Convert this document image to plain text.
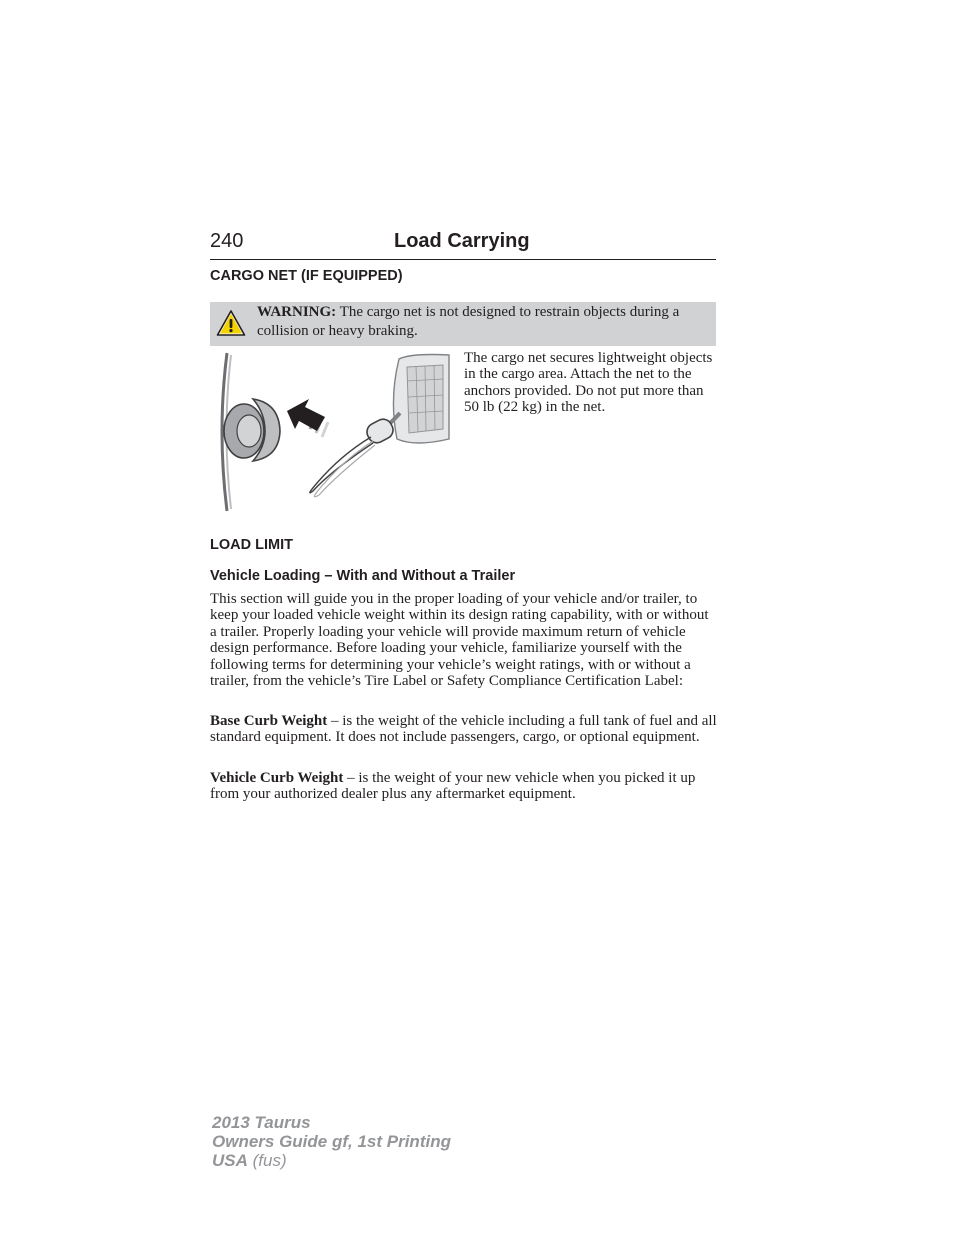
240	Load Carrying
CARGO NET (IF EQUIPPED)
WARNING: The cargo net is not designed to restrain objects during a collision or heavy braking.

The cargo net secures lightweight objects in the cargo area. Attach the net to the anchors provided. Do not put more than 50 lb (22 kg) in the net.

LOAD LIMIT
Vehicle Loading – With and Without a Trailer

This section will guide you in the proper loading of your vehicle and/or trailer, to keep your loaded vehicle weight within its design rating capability, with or without a trailer. Properly loading your vehicle will provide maximum return of vehicle design performance. Before loading your vehicle, familiarize yourself with the following terms for determining your vehicle’s weight ratings, with or without a trailer, from the vehicle’s Tire Label or Safety Compliance Certification Label:

Base Curb Weight – is the weight of the vehicle including a full tank of fuel and all standard equipment. It does not include passengers, cargo, or optional equipment.

Vehicle Curb Weight – is the weight of your new vehicle when you picked it up from your authorized dealer plus any aftermarket equipment.

2013 Taurus
Owners Guide gf, 1st Printing
USA (fus)
